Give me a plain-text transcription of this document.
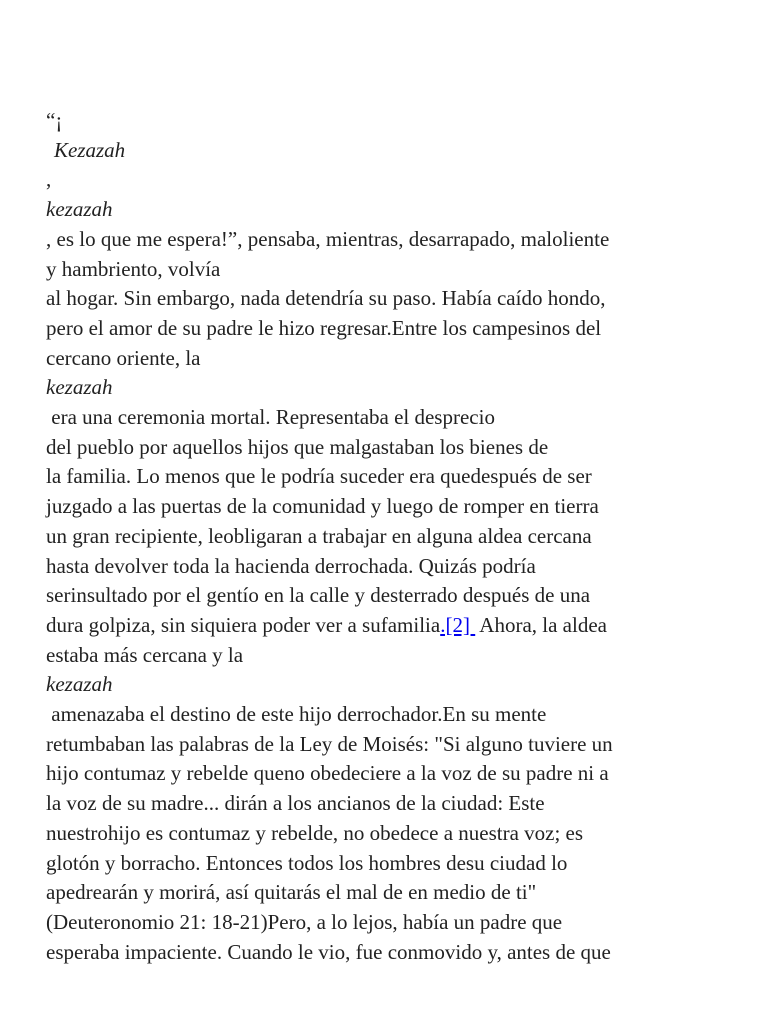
“¡
Kezazah
,
kezazah
, es lo que me espera!”, pensaba, mientras, desarrapado, maloliente
y hambriento, volvía
al hogar. Sin embargo, nada detendría su paso. Había caído hondo,
pero el amor de su padre le hizo regresar.Entre los campesinos del
cercano oriente, la
kezazah
era una ceremonia mortal. Representaba el desprecio
del pueblo por aquellos hijos que malgastaban los bienes de
la familia. Lo menos que le podría suceder era quedespués de ser
juzgado a las puertas de la comunidad y luego de romper en tierra
un gran recipiente, leobligaran a trabajar en alguna aldea cercana
hasta devolver toda la hacienda derrochada. Quizás podría
serinsultado por el gentío en la calle y desterrado después de una
dura golpiza, sin siquiera poder ver a sufamilia.[2]  Ahora, la aldea
estaba más cercana y la
kezazah
amenazaba el destino de este hijo derrochador.En su mente
retumbaban las palabras de la Ley de Moisés: "Si alguno tuviere un
hijo contumaz y rebelde queno obedeciere a la voz de su padre ni a
la voz de su madre... dirán a los ancianos de la ciudad: Este
nuestrohijo es contumaz y rebelde, no obedece a nuestra voz; es
glotón y borracho. Entonces todos los hombres desu ciudad lo
apedrearán y morirá, así quitarás el mal de en medio de ti"
(Deuteronomio 21: 18-21)Pero, a lo lejos, había un padre que
esperaba impaciente. Cuando le vio, fue conmovido y, antes de que
